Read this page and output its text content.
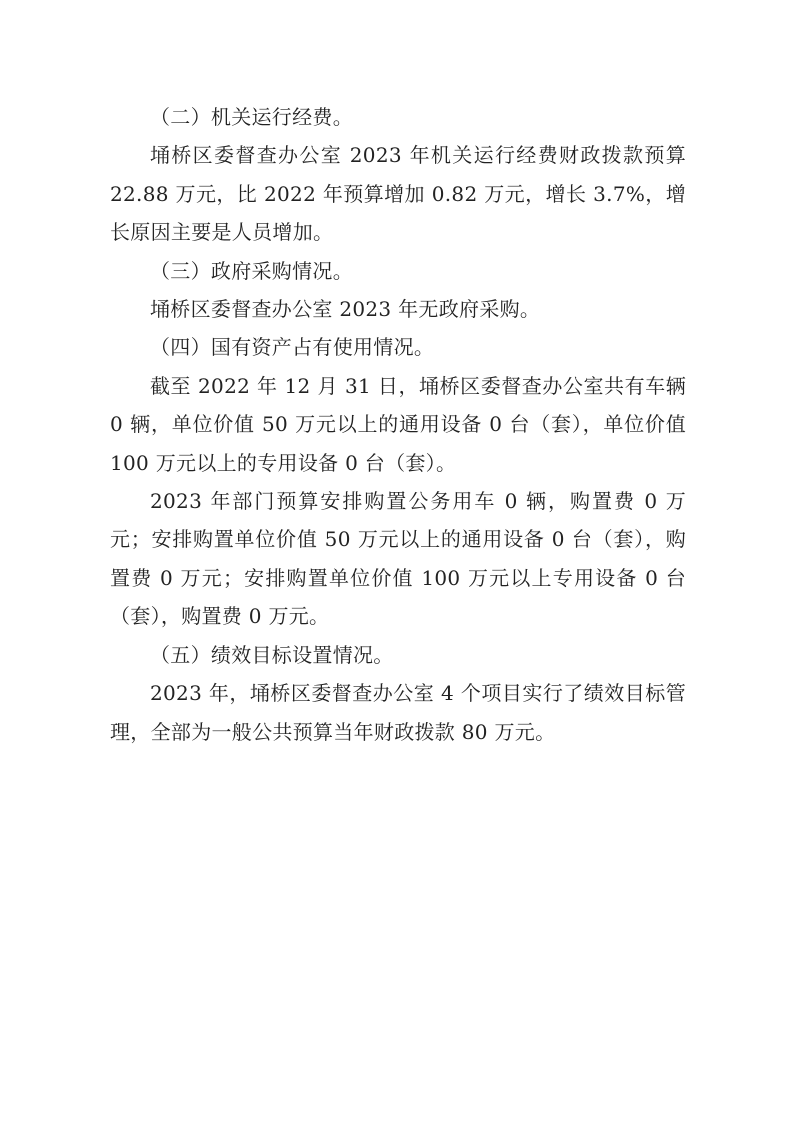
（二）机关运行经费。

埇桥区委督查办公室 2023 年机关运行经费财政拨款预算 22.88 万元，比 2022 年预算增加 0.82 万元，增长 3.7%，增长原因主要是人员增加。

（三）政府采购情况。

埇桥区委督查办公室 2023 年无政府采购。

（四）国有资产占有使用情况。

截至 2022 年 12 月 31 日，埇桥区委督查办公室共有车辆 0 辆，单位价值 50 万元以上的通用设备 0 台（套），单位价值 100 万元以上的专用设备 0 台（套）。

2023 年部门预算安排购置公务用车 0 辆，购置费 0 万元；安排购置单位价值 50 万元以上的通用设备 0 台（套），购置费 0 万元；安排购置单位价值 100 万元以上专用设备 0 台（套），购置费 0 万元。

（五）绩效目标设置情况。

2023 年，埇桥区委督查办公室 4 个项目实行了绩效目标管理，全部为一般公共预算当年财政拨款 80 万元。
